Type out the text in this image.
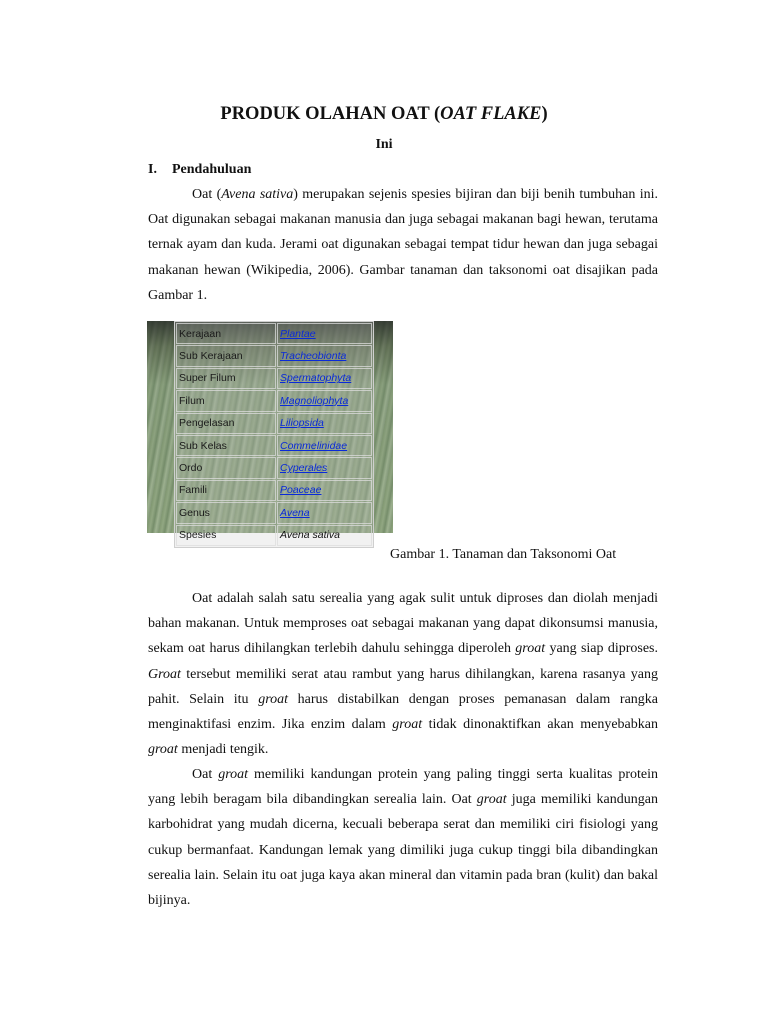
PRODUK OLAHAN OAT (OAT FLAKE)
Ini
I. Pendahuluan

Oat (Avena sativa) merupakan sejenis spesies bijiran dan biji benih tumbuhan ini. Oat digunakan sebagai makanan manusia dan juga sebagai makanan bagi hewan, terutama ternak ayam dan kuda. Jerami oat digunakan sebagai tempat tidur hewan dan juga sebagai makanan hewan (Wikipedia, 2006). Gambar tanaman dan taksonomi oat disajikan pada Gambar 1.

Kerajaan	Plantae
Sub Kerajaan	Tracheobionta
Super Filum	Spermatophyta
Filum	Magnoliophyta
Pengelasan	Liliopsida
Sub Kelas	Commelinidae
Ordo	Cyperales
Famili	Poaceae
Genus	Avena
Spesies	Avena sativa
Gambar 1. Tanaman dan Taksonomi Oat

Oat adalah salah satu serealia yang agak sulit untuk diproses dan diolah menjadi bahan makanan. Untuk memproses oat sebagai makanan yang dapat dikonsumsi manusia, sekam oat harus dihilangkan terlebih dahulu sehingga diperoleh groat yang siap diproses. Groat tersebut memiliki serat atau rambut yang harus dihilangkan, karena rasanya yang pahit. Selain itu groat harus distabilkan dengan proses pemanasan dalam rangka menginaktifasi enzim. Jika enzim dalam groat tidak dinonaktifkan akan menyebabkan groat menjadi tengik.

Oat groat memiliki kandungan protein yang paling tinggi serta kualitas protein yang lebih beragam bila dibandingkan serealia lain. Oat groat juga memiliki kandungan karbohidrat yang mudah dicerna, kecuali beberapa serat dan memiliki ciri fisiologi yang cukup bermanfaat. Kandungan lemak yang dimiliki juga cukup tinggi bila dibandingkan serealia lain. Selain itu oat juga kaya akan mineral dan vitamin pada bran (kulit) dan bakal bijinya.
